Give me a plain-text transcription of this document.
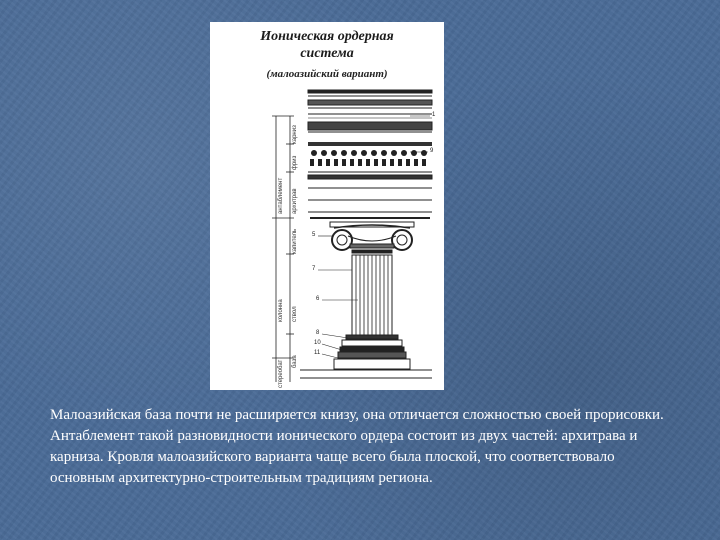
Ионическая ордерная
система
(малоазийский вариант)
антаблемент архитрав
фриз
карниз
капитель
колонна ствол
база
стереобат
1
9
5
7
6
8
10
11
Малоазийская база почти не расширяется книзу, она отличается сложностью своей прорисовки. Антаблемент такой разновидности ионического ордера состоит из двух частей: архитрава и карниза. Кровля малоазийского варианта чаще всего была плоской, что соответствовало основным архитектурно-строительным традициям региона.
